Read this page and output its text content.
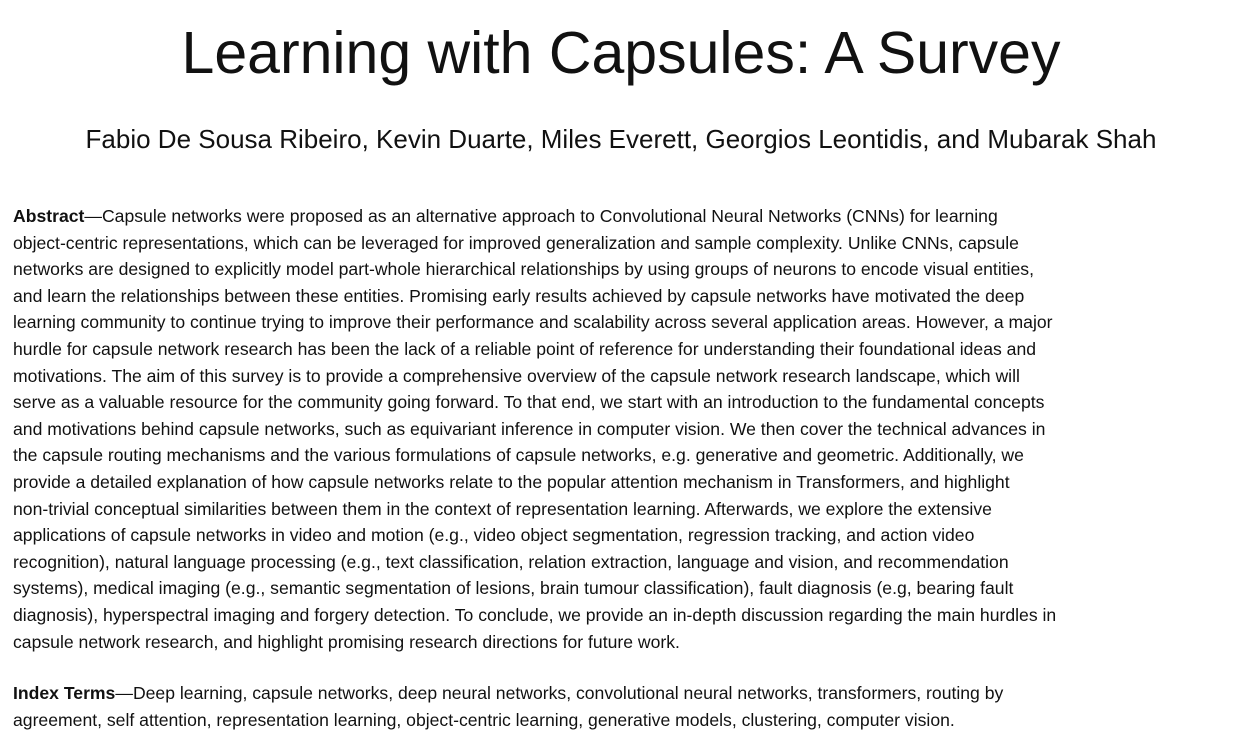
Learning with Capsules: A Survey

Fabio De Sousa Ribeiro, Kevin Duarte, Miles Everett, Georgios Leontidis, and Mubarak Shah

Abstract—Capsule networks were proposed as an alternative approach to Convolutional Neural Networks (CNNs) for learning
object-centric representations, which can be leveraged for improved generalization and sample complexity. Unlike CNNs, capsule
networks are designed to explicitly model part-whole hierarchical relationships by using groups of neurons to encode visual entities,
and learn the relationships between these entities. Promising early results achieved by capsule networks have motivated the deep
learning community to continue trying to improve their performance and scalability across several application areas. However, a major
hurdle for capsule network research has been the lack of a reliable point of reference for understanding their foundational ideas and
motivations. The aim of this survey is to provide a comprehensive overview of the capsule network research landscape, which will
serve as a valuable resource for the community going forward. To that end, we start with an introduction to the fundamental concepts
and motivations behind capsule networks, such as equivariant inference in computer vision. We then cover the technical advances in
the capsule routing mechanisms and the various formulations of capsule networks, e.g. generative and geometric. Additionally, we
provide a detailed explanation of how capsule networks relate to the popular attention mechanism in Transformers, and highlight
non-trivial conceptual similarities between them in the context of representation learning. Afterwards, we explore the extensive
applications of capsule networks in video and motion (e.g., video object segmentation, regression tracking, and action video
recognition), natural language processing (e.g., text classification, relation extraction, language and vision, and recommendation
systems), medical imaging (e.g., semantic segmentation of lesions, brain tumour classification), fault diagnosis (e.g, bearing fault
diagnosis), hyperspectral imaging and forgery detection. To conclude, we provide an in-depth discussion regarding the main hurdles in
capsule network research, and highlight promising research directions for future work.
Index Terms—Deep learning, capsule networks, deep neural networks, convolutional neural networks, transformers, routing by
agreement, self attention, representation learning, object-centric learning, generative models, clustering, computer vision.
